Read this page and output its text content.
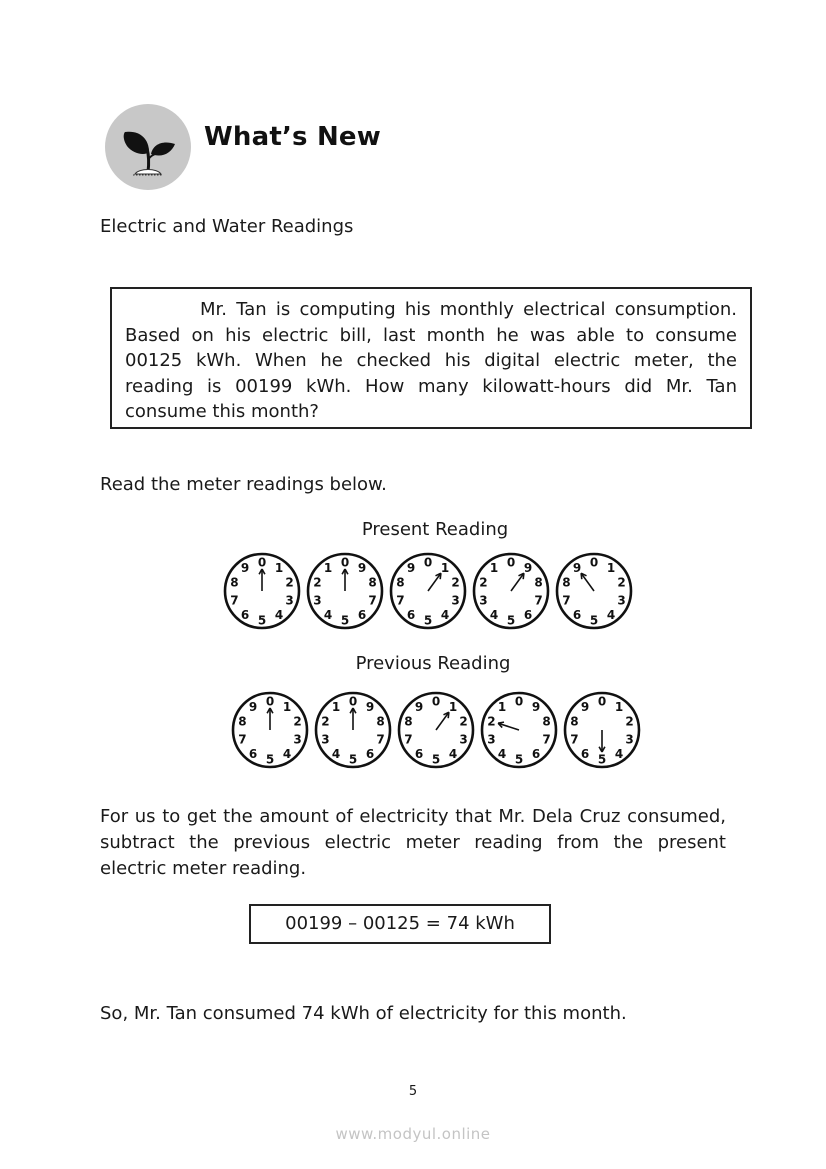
What’s New
Electric and Water Readings

Mr. Tan is computing his monthly electrical consumption. Based on his electric bill, last month he was able to consume 00125 kWh. When he checked his digital electric meter, the reading is 00199 kWh. How many kilowatt-hours did Mr. Tan consume this month?

Read the meter readings below.
Present Reading
0 1
2
3
4
5
6
7
8
9	0
1
2
3
4 5 6
7
8
9	0 1
2
3
4
5
6
7
8
9	0
1
2
3
4 5 6
7
8
9	0 1
2
3
4
5
6
7
8
9
Previous Reading
0 1
2
3
4
5
6
7
8
9	0
1
2
3
4 5 6
7
8
9	0 1
2
3
4
5
6
7
8
9	0
1
2
3
4 5 6
7
8
9	0 1
2
3
4
5
6
7
8
9

For us to get the amount of electricity that Mr. Dela Cruz consumed, subtract the previous electric meter reading from the present electric meter reading.

00199 – 00125 = 74 kWh
So, Mr. Tan consumed 74 kWh of electricity for this month.
5
www.modyul.online
